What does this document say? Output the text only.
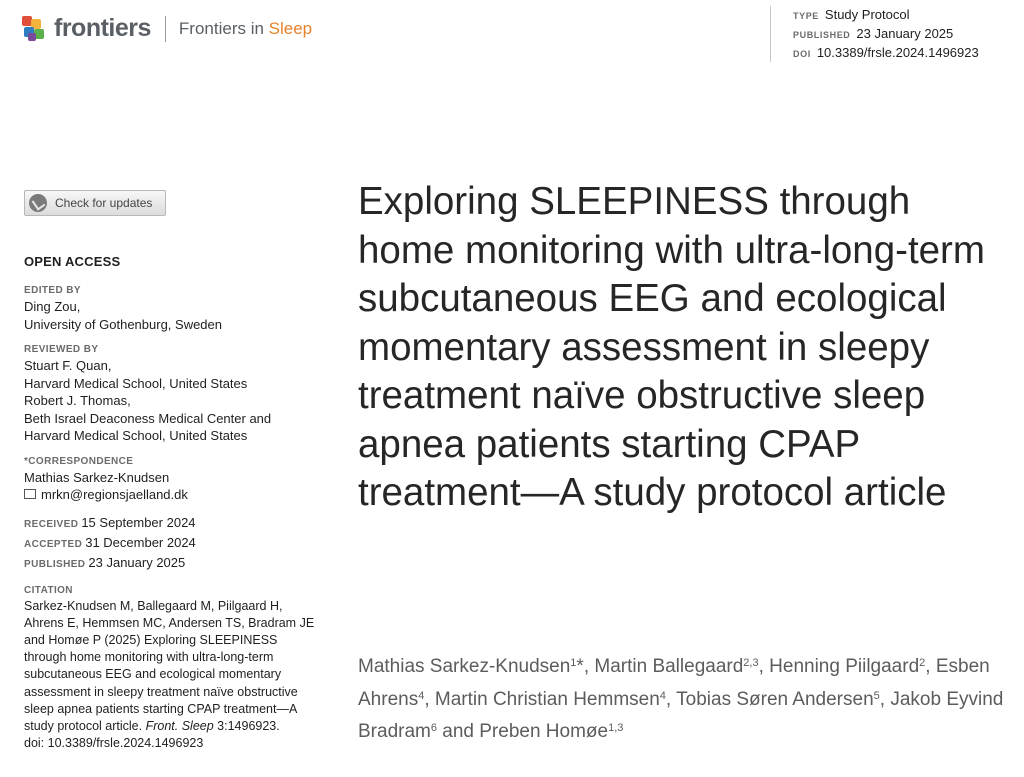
frontiers Frontiers in Sleep
TYPE Study Protocol
PUBLISHED 23 January 2025
DOI 10.3389/frsle.2024.1496923
Check for updates
OPEN ACCESS
EDITED BY
Ding Zou,
University of Gothenburg, Sweden
REVIEWED BY
Stuart F. Quan,
Harvard Medical School, United States
Robert J. Thomas,
Beth Israel Deaconess Medical Center and
Harvard Medical School, United States
*CORRESPONDENCE
Mathias Sarkez-Knudsen
mrkn@regionsjaelland.dk
RECEIVED 15 September 2024
ACCEPTED 31 December 2024
PUBLISHED 23 January 2025
CITATION
Sarkez-Knudsen M, Ballegaard M, Piilgaard H, Ahrens E, Hemmsen MC, Andersen TS, Bradram JE and Homøe P (2025) Exploring SLEEPINESS through home monitoring with ultra-long-term subcutaneous EEG and ecological momentary assessment in sleepy treatment naïve obstructive sleep apnea patients starting CPAP treatment—A study protocol article. Front. Sleep 3:1496923.
doi: 10.3389/frsle.2024.1496923
Exploring SLEEPINESS through home monitoring with ultra-long-term subcutaneous EEG and ecological momentary assessment in sleepy treatment naïve obstructive sleep apnea patients starting CPAP treatment—A study protocol article
Mathias Sarkez-Knudsen$^1$*, Martin Ballegaard$^{2,3}$, Henning Piilgaard$^2$, Esben Ahrens$^4$, Martin Christian Hemmsen$^4$, Tobias Søren Andersen$^5$, Jakob Eyvind Bradram$^6$ and Preben Homøe$^{1,3}$
